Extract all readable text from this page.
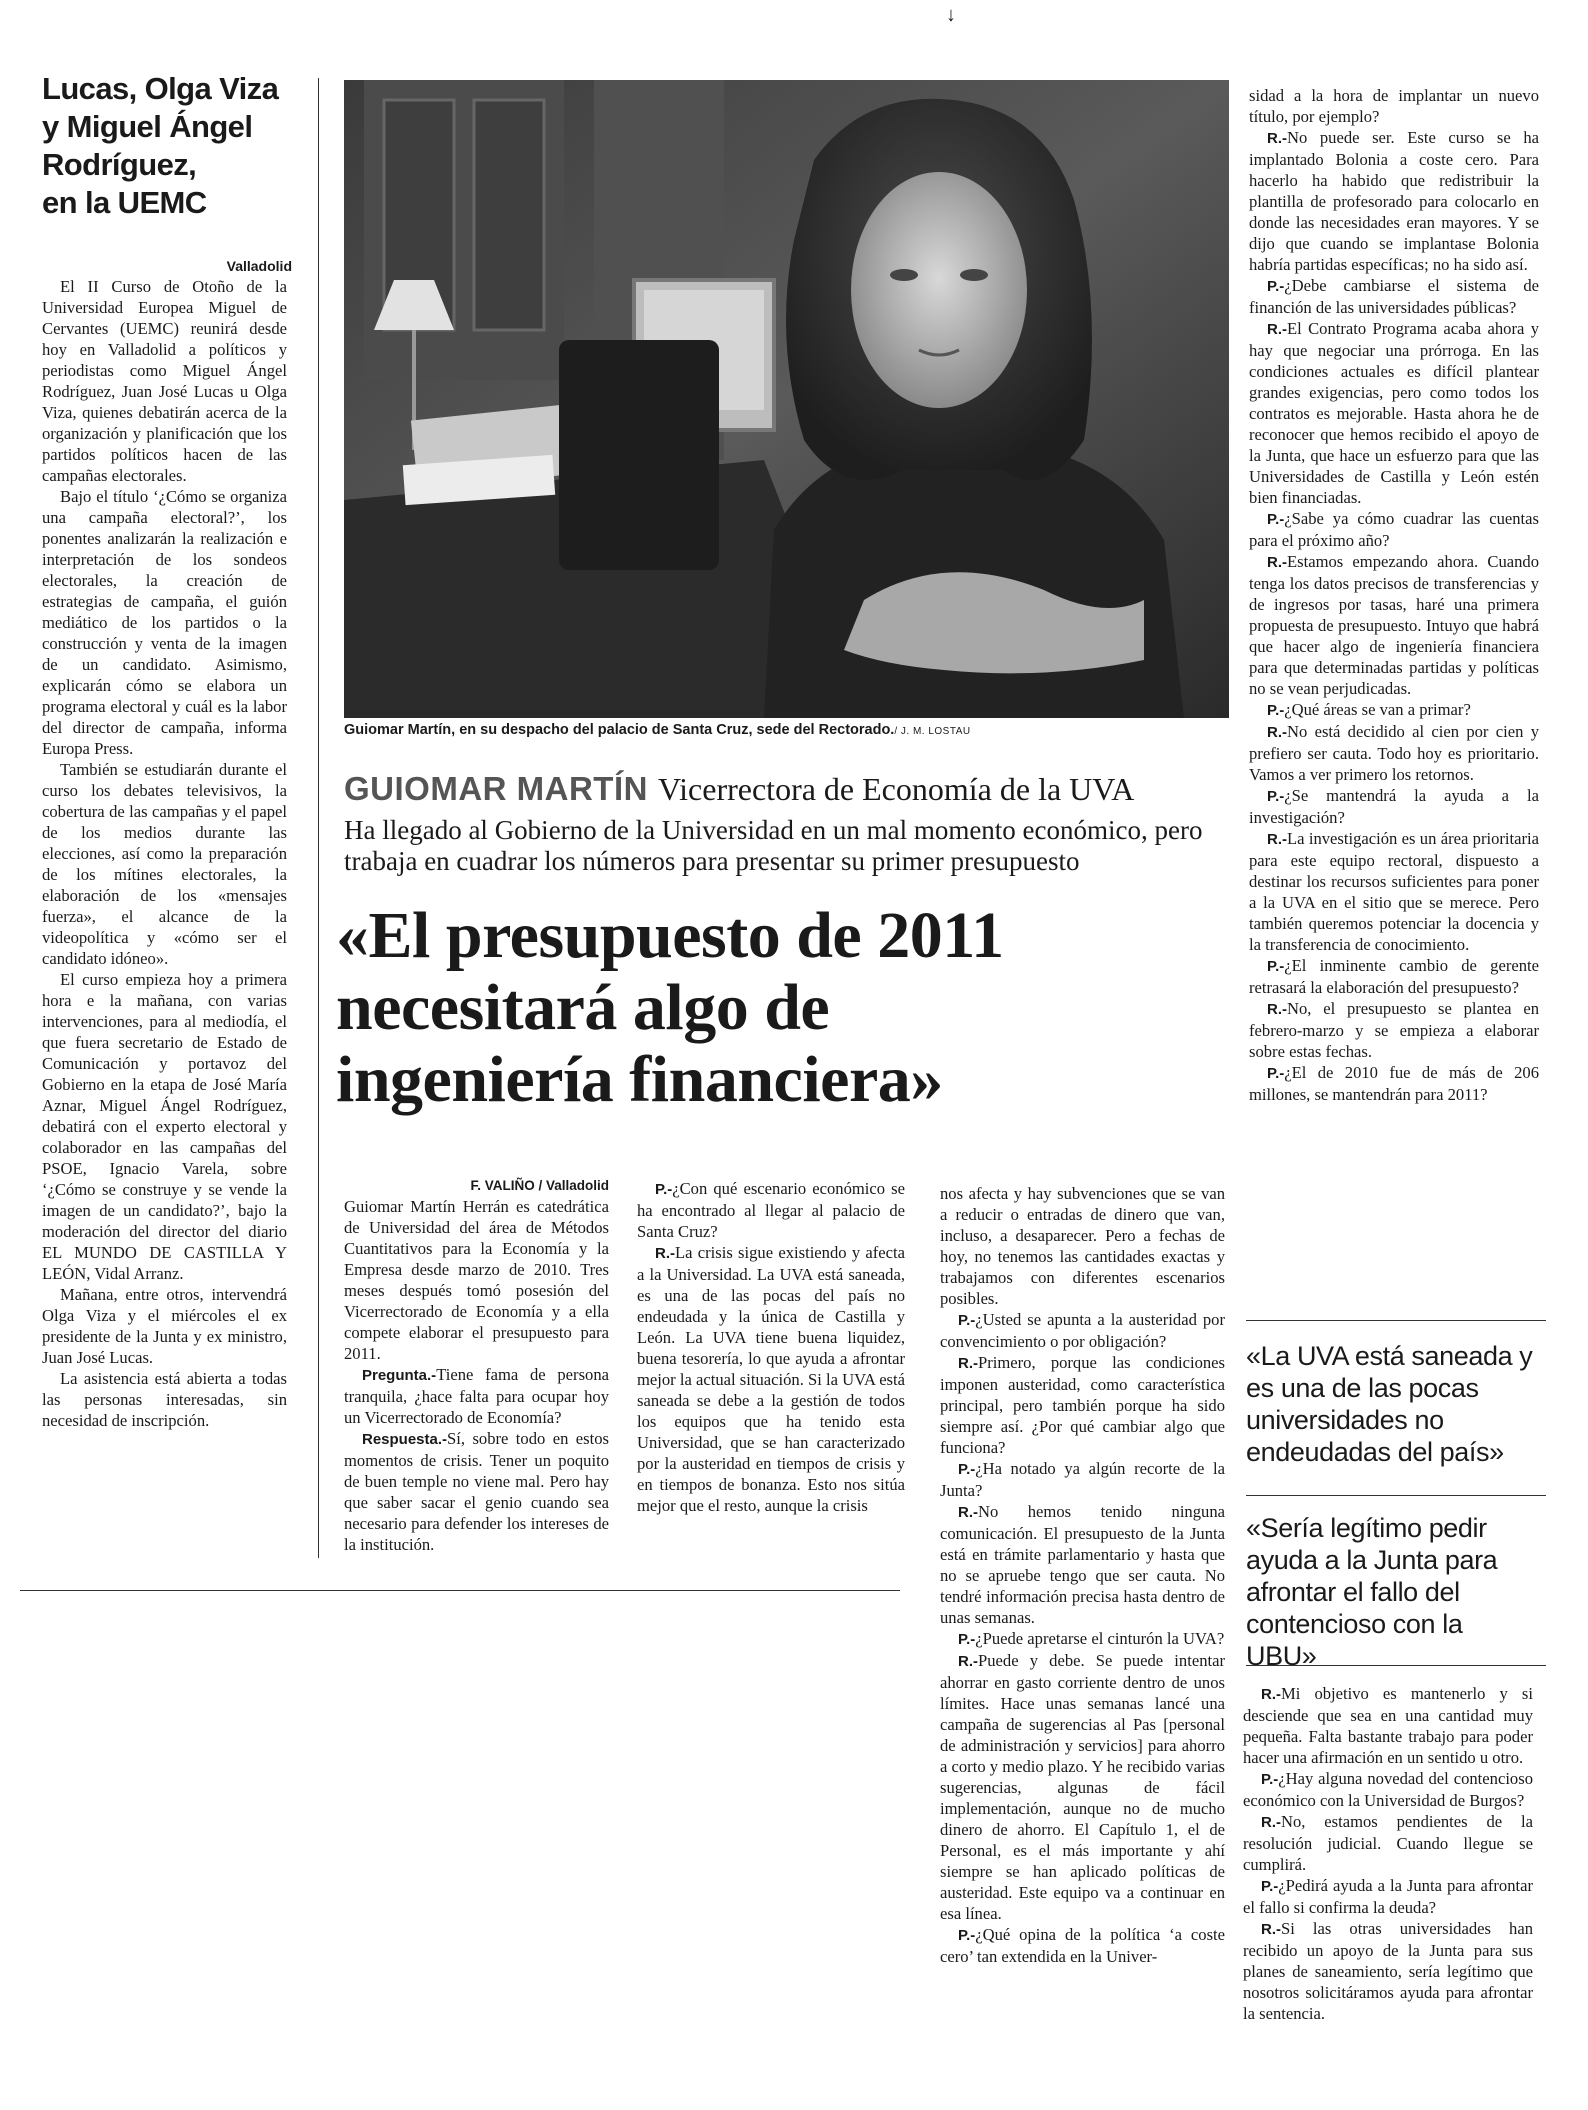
↓
Lucas, Olga Viza
y Miguel Ángel
Rodríguez,
en la UEMC
Valladolid

El II Curso de Otoño de la Universidad Europea Miguel de Cervantes (UEMC) reunirá desde hoy en Valladolid a políticos y periodistas como Miguel Ángel Rodríguez, Juan José Lucas u Olga Viza, quienes debatirán acerca de la organización y planificación que los partidos políticos hacen de las campañas electorales.

Bajo el título ‘¿Cómo se organiza una campaña electoral?’, los ponentes analizarán la realización e interpretación de los sondeos electorales, la creación de estrategias de campaña, el guión mediático de los partidos o la construcción y venta de la imagen de un candidato. Asimismo, explicarán cómo se elabora un programa electoral y cuál es la labor del director de campaña, informa Europa Press.

También se estudiarán durante el curso los debates televisivos, la cobertura de las campañas y el papel de los medios durante las elecciones, así como la preparación de los mítines electorales, la elaboración de los «mensajes fuerza», el alcance de la videopolítica y «cómo ser el candidato idóneo».

El curso empieza hoy a primera hora e la mañana, con varias intervenciones, para al mediodía, el que fuera secretario de Estado de Comunicación y portavoz del Gobierno en la etapa de José María Aznar, Miguel Ángel Rodríguez, debatirá con el experto electoral y colaborador en las campañas del PSOE, Ignacio Varela, sobre ‘¿Cómo se construye y se vende la imagen de un candidato?’, bajo la moderación del director del diario EL MUNDO DE CASTILLA Y LEÓN, Vidal Arranz.

Mañana, entre otros, intervendrá Olga Viza y el miércoles el ex presidente de la Junta y ex ministro, Juan José Lucas.

La asistencia está abierta a todas las personas interesadas, sin necesidad de inscripción.

Guiomar Martín, en su despacho del palacio de Santa Cruz, sede del Rectorado./ J. M. LOSTAU
GUIOMAR MARTÍN Vicerrectora de Economía de la UVA
Ha llegado al Gobierno de la Universidad en un mal momento económico, pero trabaja en cuadrar los números para presentar su primer presupuesto
«El presupuesto de 2011
necesitará algo de
ingeniería financiera»
F. VALIÑO / Valladolid

Guiomar Martín Herrán es catedrática de Universidad del área de Métodos Cuantitativos para la Economía y la Empresa desde marzo de 2010. Tres meses después tomó posesión del Vicerrectorado de Economía y a ella compete elaborar el presupuesto para 2011.

Pregunta.-Tiene fama de persona tranquila, ¿hace falta para ocupar hoy un Vicerrectorado de Economía?

Respuesta.-Sí, sobre todo en estos momentos de crisis. Tener un poquito de buen temple no viene mal. Pero hay que saber sacar el genio cuando sea necesario para defender los intereses de la institución.

P.-¿Con qué escenario económico se ha encontrado al llegar al palacio de Santa Cruz?

R.-La crisis sigue existiendo y afecta a la Universidad. La UVA está saneada, es una de las pocas del país no endeudada y la única de Castilla y León. La UVA tiene buena liquidez, buena tesorería, lo que ayuda a afrontar mejor la actual situación. Si la UVA está saneada se debe a la gestión de todos los equipos que ha tenido esta Universidad, que se han caracterizado por la austeridad en tiempos de crisis y en tiempos de bonanza. Esto nos sitúa mejor que el resto, aunque la crisis

nos afecta y hay subvenciones que se van a reducir o entradas de dinero que van, incluso, a desaparecer. Pero a fechas de hoy, no tenemos las cantidades exactas y trabajamos con diferentes escenarios posibles.

P.-¿Usted se apunta a la austeridad por convencimiento o por obligación?

R.-Primero, porque las condiciones imponen austeridad, como característica principal, pero también porque ha sido siempre así. ¿Por qué cambiar algo que funciona?

P.-¿Ha notado ya algún recorte de la Junta?

R.-No hemos tenido ninguna comunicación. El presupuesto de la Junta está en trámite parlamentario y hasta que no se apruebe tengo que ser cauta. No tendré información precisa hasta dentro de unas semanas.

P.-¿Puede apretarse el cinturón la UVA?

R.-Puede y debe. Se puede intentar ahorrar en gasto corriente dentro de unos límites. Hace unas semanas lancé una campaña de sugerencias al Pas [personal de administración y servicios] para ahorro a corto y medio plazo. Y he recibido varias sugerencias, algunas de fácil implementación, aunque no de mucho dinero de ahorro. El Capítulo 1, el de Personal, es el más importante y ahí siempre se han aplicado políticas de austeridad. Este equipo va a continuar en esa línea.

P.-¿Qué opina de la política ‘a coste cero’ tan extendida en la Univer-

sidad a la hora de implantar un nuevo título, por ejemplo?

R.-No puede ser. Este curso se ha implantado Bolonia a coste cero. Para hacerlo ha habido que redistribuir la plantilla de profesorado para colocarlo en donde las necesidades eran mayores. Y se dijo que cuando se implantase Bolonia habría partidas específicas; no ha sido así.

P.-¿Debe cambiarse el sistema de financión de las universidades públicas?

R.-El Contrato Programa acaba ahora y hay que negociar una prórroga. En las condiciones actuales es difícil plantear grandes exigencias, pero como todos los contratos es mejorable. Hasta ahora he de reconocer que hemos recibido el apoyo de la Junta, que hace un esfuerzo para que las Universidades de Castilla y León estén bien financiadas.

P.-¿Sabe ya cómo cuadrar las cuentas para el próximo año?

R.-Estamos empezando ahora. Cuando tenga los datos precisos de transferencias y de ingresos por tasas, haré una primera propuesta de presupuesto. Intuyo que habrá que hacer algo de ingeniería financiera para que determinadas partidas y políticas no se vean perjudicadas.

P.-¿Qué áreas se van a primar?

R.-No está decidido al cien por cien y prefiero ser cauta. Todo hoy es prioritario. Vamos a ver primero los retornos.

P.-¿Se mantendrá la ayuda a la investigación?

R.-La investigación es un área prioritaria para este equipo rectoral, dispuesto a destinar los recursos suficientes para poner a la UVA en el sitio que se merece. Pero también queremos potenciar la docencia y la transferencia de conocimiento.

P.-¿El inminente cambio de gerente retrasará la elaboración del presupuesto?

R.-No, el presupuesto se plantea en febrero-marzo y se empieza a elaborar sobre estas fechas.

P.-¿El de 2010 fue de más de 206 millones, se mantendrán para 2011?

«La UVA está saneada y es una de las pocas universidades no endeudadas del país»
«Sería legítimo pedir ayuda a la Junta para afrontar el fallo del contencioso con la UBU»

R.-Mi objetivo es mantenerlo y si desciende que sea en una cantidad muy pequeña. Falta bastante trabajo para poder hacer una afirmación en un sentido u otro.

P.-¿Hay alguna novedad del contencioso económico con la Universidad de Burgos?

R.-No, estamos pendientes de la resolución judicial. Cuando llegue se cumplirá.

P.-¿Pedirá ayuda a la Junta para afrontar el fallo si confirma la deuda?

R.-Si las otras universidades han recibido un apoyo de la Junta para sus planes de saneamiento, sería legítimo que nosotros solicitáramos ayuda para afrontar la sentencia.
